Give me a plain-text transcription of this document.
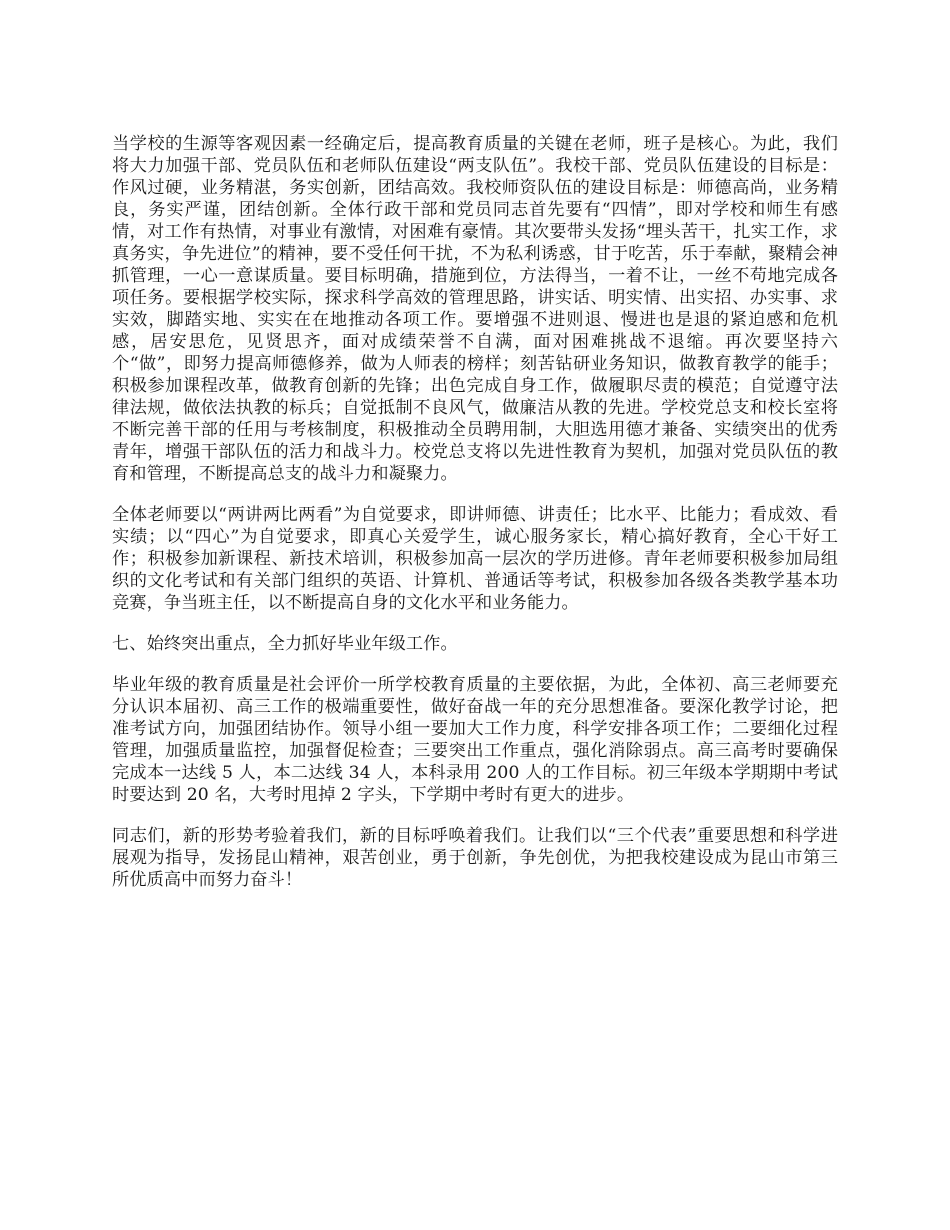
当学校的生源等客观因素一经确定后，提高教育质量的关键在老师，班子是核心。为此，我们将大力加强干部、党员队伍和老师队伍建设“两支队伍”。我校干部、党员队伍建设的目标是：作风过硬，业务精湛，务实创新，团结高效。我校师资队伍的建设目标是：师德高尚，业务精良，务实严谨，团结创新。全体行政干部和党员同志首先要有“四情”，即对学校和师生有感情，对工作有热情，对事业有激情，对困难有豪情。其次要带头发扬“埋头苦干，扎实工作，求真务实，争先进位”的精神，要不受任何干扰，不为私利诱惑，甘于吃苦，乐于奉献，聚精会神抓管理，一心一意谋质量。要目标明确，措施到位，方法得当，一着不让，一丝不苟地完成各项任务。要根据学校实际，探求科学高效的管理思路，讲实话、明实情、出实招、办实事、求实效，脚踏实地、实实在在地推动各项工作。要增强不进则退、慢进也是退的紧迫感和危机感，居安思危，见贤思齐，面对成绩荣誉不自满，面对困难挑战不退缩。再次要坚持六个“做”，即努力提高师德修养，做为人师表的榜样；刻苦钻研业务知识，做教育教学的能手；积极参加课程改革，做教育创新的先锋；出色完成自身工作，做履职尽责的模范；自觉遵守法律法规，做依法执教的标兵；自觉抵制不良风气，做廉洁从教的先进。学校党总支和校长室将不断完善干部的任用与考核制度，积极推动全员聘用制，大胆选用德才兼备、实绩突出的优秀青年，增强干部队伍的活力和战斗力。校党总支将以先进性教育为契机，加强对党员队伍的教育和管理，不断提高总支的战斗力和凝聚力。

全体老师要以“两讲两比两看”为自觉要求，即讲师德、讲责任；比水平、比能力；看成效、看实绩；以“四心”为自觉要求，即真心关爱学生，诚心服务家长，精心搞好教育，全心干好工作；积极参加新课程、新技术培训，积极参加高一层次的学历进修。青年老师要积极参加局组织的文化考试和有关部门组织的英语、计算机、普通话等考试，积极参加各级各类教学基本功竞赛，争当班主任，以不断提高自身的文化水平和业务能力。

七、始终突出重点，全力抓好毕业年级工作。

毕业年级的教育质量是社会评价一所学校教育质量的主要依据，为此，全体初、高三老师要充分认识本届初、高三工作的极端重要性，做好奋战一年的充分思想准备。要深化教学讨论，把准考试方向，加强团结协作。领导小组一要加大工作力度，科学安排各项工作；二要细化过程管理，加强质量监控，加强督促检查；三要突出工作重点，强化消除弱点。高三高考时要确保完成本一达线 5 人，本二达线 34 人，本科录用 200 人的工作目标。初三年级本学期期中考试时要达到 20 名，大考时甩掉 2 字头，下学期中考时有更大的进步。

同志们，新的形势考验着我们，新的目标呼唤着我们。让我们以“三个代表”重要思想和科学进展观为指导，发扬昆山精神，艰苦创业，勇于创新，争先创优，为把我校建设成为昆山市第三所优质高中而努力奋斗！
